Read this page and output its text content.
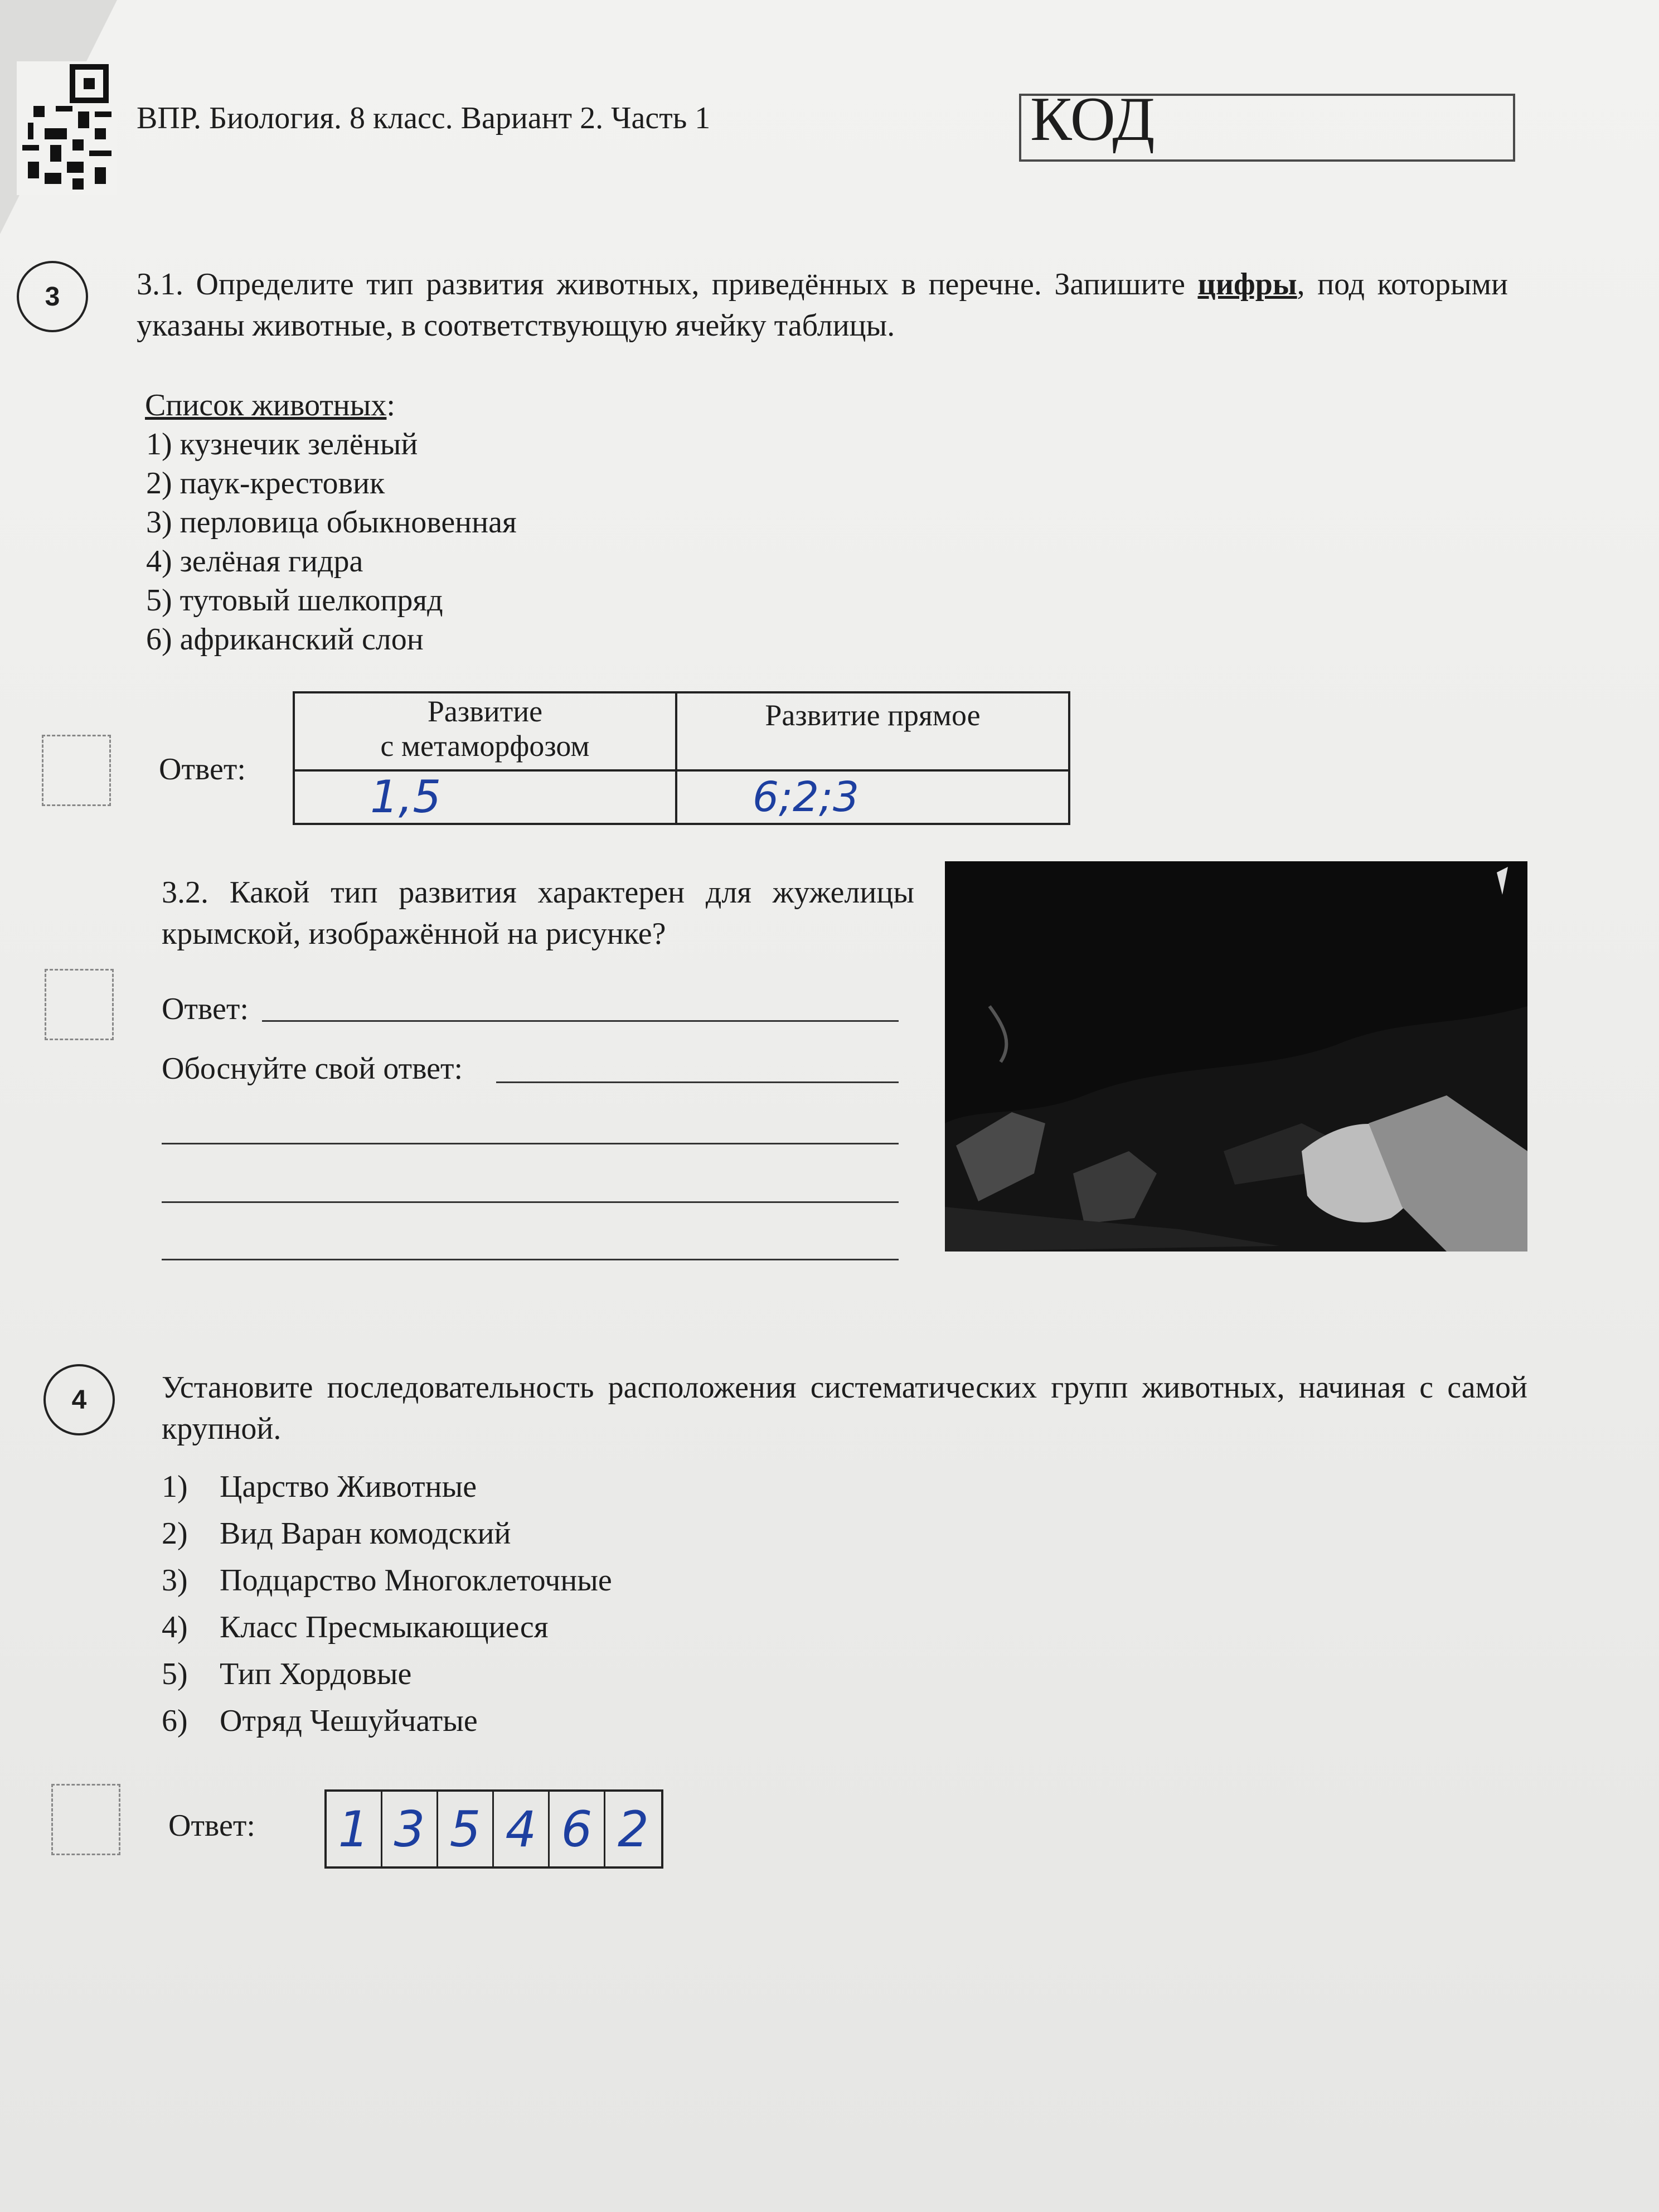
ВПР. Биология. 8 класс. Вариант 2. Часть 1	КОД
3	3.1. Определите тип развития животных, приведённых в перечне. Запишите цифры, под которыми указаны животные, в соответствующую ячейку таблицы.
Список животных:
1) кузнечик зелёный
2) паук-крестовик
3) перловица обыкновенная
4) зелёная гидра
5) тутовый шелкопряд
6) африканский слон
Ответ:
Развитие
с метаморфозом	Развитие прямое
1,5	6;2;3
3.2. Какой тип развития характерен для жужелицы крымской, изображённой на рисунке?
Ответ:
Обоснуйте свой ответ:
4	Установите последовательность расположения систематических групп животных, начиная с самой крупной.
1) Царство Животные
2) Вид Варан комодский
3) Подцарство Многоклеточные
4) Класс Пресмыкающиеся
5) Тип Хордовые
6) Отряд Чешуйчатые
Ответ: 1 3 5 4 6 2
